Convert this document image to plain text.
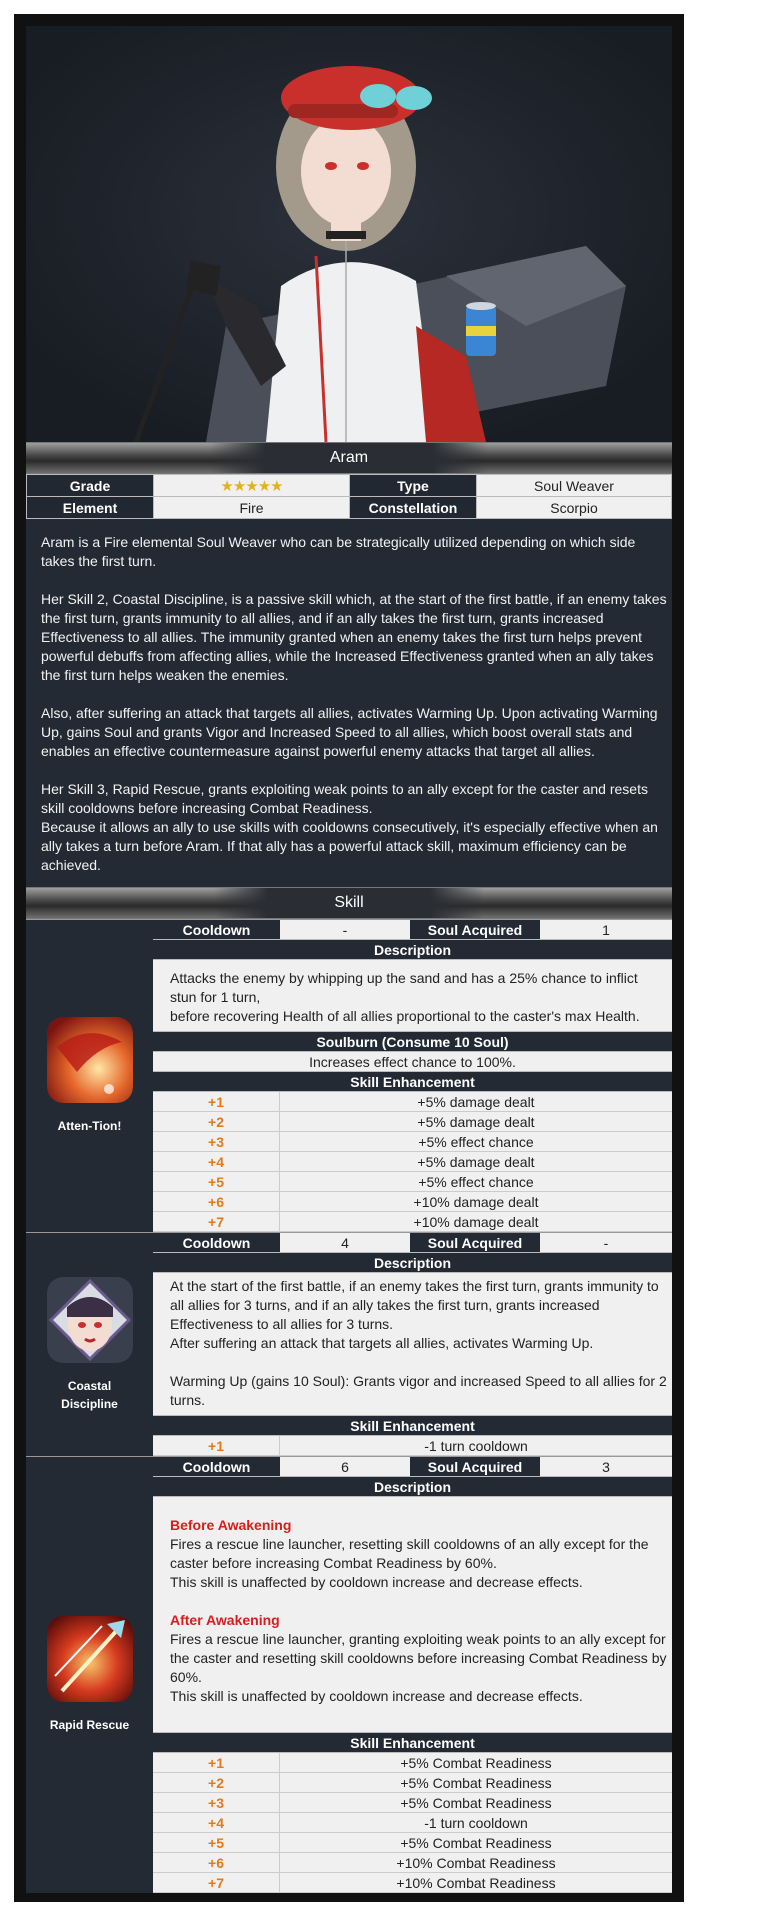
Aram
Grade	★★★★★	Type	Soul Weaver
Element	Fire	Constellation	Scorpio

Aram is a Fire elemental Soul Weaver who can be strategically utilized depending on which side takes the first turn.

Her Skill 2, Coastal Discipline, is a passive skill which, at the start of the first battle, if an enemy takes the first turn, grants immunity to all allies, and if an ally takes the first turn, grants increased Effectiveness to all allies. The immunity granted when an enemy takes the first turn helps prevent powerful debuffs from affecting allies, while the Increased Effectiveness granted when an ally takes the first turn helps weaken the enemies.

Also, after suffering an attack that targets all allies, activates Warming Up. Upon activating Warming Up, gains Soul and grants Vigor and Increased Speed to all allies, which boost overall stats and enables an effective countermeasure against powerful enemy attacks that target all allies.

Her Skill 3, Rapid Rescue, grants exploiting weak points to an ally except for the caster and resets skill cooldowns before increasing Combat Readiness.

Because it allows an ally to use skills with cooldowns consecutively, it's especially effective when an ally takes a turn before Aram. If that ally has a powerful attack skill, maximum efficiency can be achieved.

Skill
Atten-Tion!
Cooldown	-	Soul Acquired	1
Description
Attacks the enemy by whipping up the sand and has a 25% chance to inflict stun for 1 turn,
before recovering Health of all allies proportional to the caster's max Health.
Soulburn (Consume 10 Soul)
Increases effect chance to 100%.
Skill Enhancement
+1	+5% damage dealt
+2	+5% damage dealt
+3	+5% effect chance
+4	+5% damage dealt
+5	+5% effect chance
+6	+10% damage dealt
+7	+10% damage dealt
Coastal
Discipline
Cooldown	4	Soul Acquired	-
Description
At the start of the first battle, if an enemy takes the first turn, grants immunity to all allies for 3 turns, and if an ally takes the first turn, grants increased Effectiveness to all allies for 3 turns.
After suffering an attack that targets all allies, activates Warming Up.
Warming Up (gains 10 Soul): Grants vigor and increased Speed to all allies for 2 turns.
Skill Enhancement
+1	-1 turn cooldown
Rapid Rescue
Cooldown	6	Soul Acquired	3
Description
Before Awakening
Fires a rescue line launcher, resetting skill cooldowns of an ally except for the caster before increasing Combat Readiness by 60%.
This skill is unaffected by cooldown increase and decrease effects.
After Awakening
Fires a rescue line launcher, granting exploiting weak points to an ally except for the caster and resetting skill cooldowns before increasing Combat Readiness by 60%.
This skill is unaffected by cooldown increase and decrease effects.
Skill Enhancement
+1	+5% Combat Readiness
+2	+5% Combat Readiness
+3	+5% Combat Readiness
+4	-1 turn cooldown
+5	+5% Combat Readiness
+6	+10% Combat Readiness
+7	+10% Combat Readiness
